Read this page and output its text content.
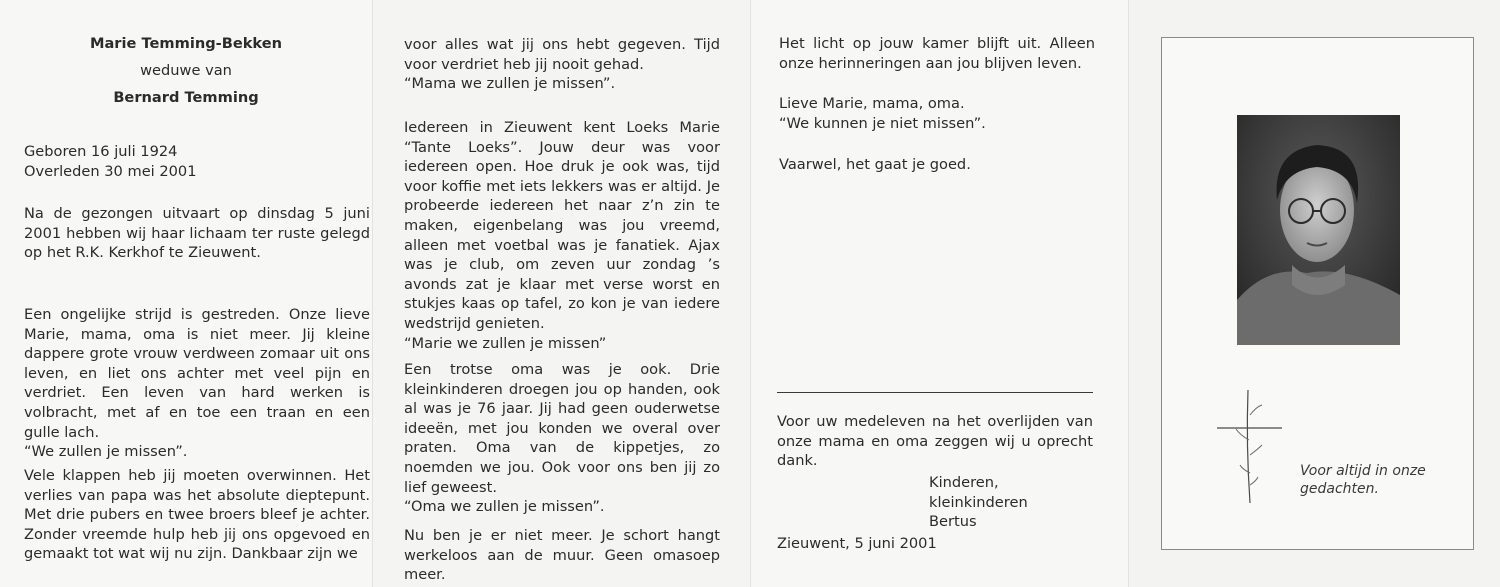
Marie Temming-Bekken
weduwe van
Bernard Temming
Geboren 16 juli 1924
Overleden 30 mei 2001

Na de gezongen uitvaart op dinsdag 5 juni 2001 hebben wij haar lichaam ter ruste gelegd op het R.K. Kerkhof te Zieuwent.

Een ongelijke strijd is gestreden. Onze lieve Marie, mama, oma is niet meer. Jij kleine dappere grote vrouw verdween zomaar uit ons leven, en liet ons achter met veel pijn en verdriet. Een leven van hard werken is volbracht, met af en toe een traan en een gulle lach.

“We zullen je missen”.

Vele klappen heb jij moeten overwinnen. Het verlies van papa was het absolute dieptepunt. Met drie pubers en twee broers bleef je achter. Zonder vreemde hulp heb jij ons opgevoed en gemaakt tot wat wij nu zijn. Dankbaar zijn we

voor alles wat jij ons hebt gegeven. Tijd voor verdriet heb jij nooit gehad.

“Mama we zullen je missen”.

Iedereen in Zieuwent kent Loeks Marie “Tante Loeks”. Jouw deur was voor iedereen open. Hoe druk je ook was, tijd voor koffie met iets lekkers was er altijd. Je probeerde iedereen het naar z’n zin te maken, eigenbelang was jou vreemd, alleen met voetbal was je fanatiek. Ajax was je club, om zeven uur zondag ’s avonds zat je klaar met verse worst en stukjes kaas op tafel, zo kon je van iedere wedstrijd genieten.

“Marie we zullen je missen”

Een trotse oma was je ook. Drie kleinkinderen droegen jou op handen, ook al was je 76 jaar. Jij had geen ouderwetse ideeën, met jou konden we overal over praten. Oma van de kippetjes, zo noemden we jou. Ook voor ons ben jij zo lief geweest.

“Oma we zullen je missen”.

Nu ben je er niet meer. Je schort hangt werkeloos aan de muur. Geen omasoep meer.

Het licht op jouw kamer blijft uit. Alleen onze herinneringen aan jou blijven leven.

Lieve Marie, mama, oma.
“We kunnen je niet missen”.
Vaarwel, het gaat je goed.

Voor uw medeleven na het overlijden van onze mama en oma zeggen wij u oprecht dank.

Kinderen, kleinkinderen
Bertus
Zieuwent, 5 juni 2001
Voor altijd in onze gedachten.
